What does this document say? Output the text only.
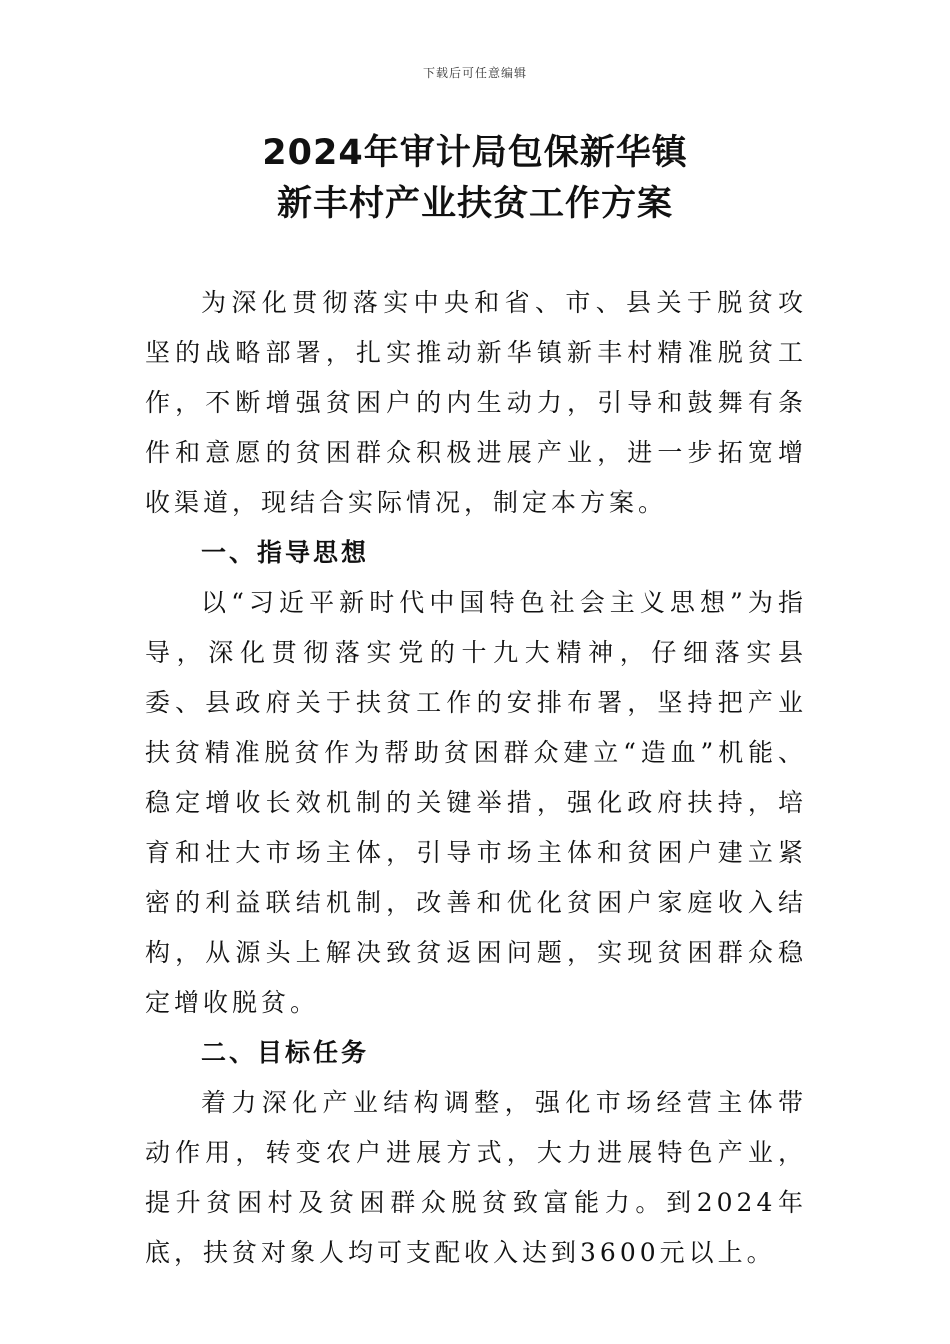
下载后可任意编辑
2024年审计局包保新华镇
新丰村产业扶贫工作方案

为深化贯彻落实中央和省、市、县关于脱贫攻坚的战略部署，扎实推动新华镇新丰村精准脱贫工作，不断增强贫困户的内生动力，引导和鼓舞有条件和意愿的贫困群众积极进展产业，进一步拓宽增收渠道，现结合实际情况，制定本方案。

一、指导思想

以“习近平新时代中国特色社会主义思想”为指导，深化贯彻落实党的十九大精神，仔细落实县委、县政府关于扶贫工作的安排布署，坚持把产业扶贫精准脱贫作为帮助贫困群众建立“造血”机能、稳定增收长效机制的关键举措，强化政府扶持，培育和壮大市场主体，引导市场主体和贫困户建立紧密的利益联结机制，改善和优化贫困户家庭收入结构，从源头上解决致贫返困问题，实现贫困群众稳定增收脱贫。

二、目标任务

着力深化产业结构调整，强化市场经营主体带动作用，转变农户进展方式，大力进展特色产业，提升贫困村及贫困群众脱贫致富能力。到2024年底，扶贫对象人均可支配收入达到3600元以上。
